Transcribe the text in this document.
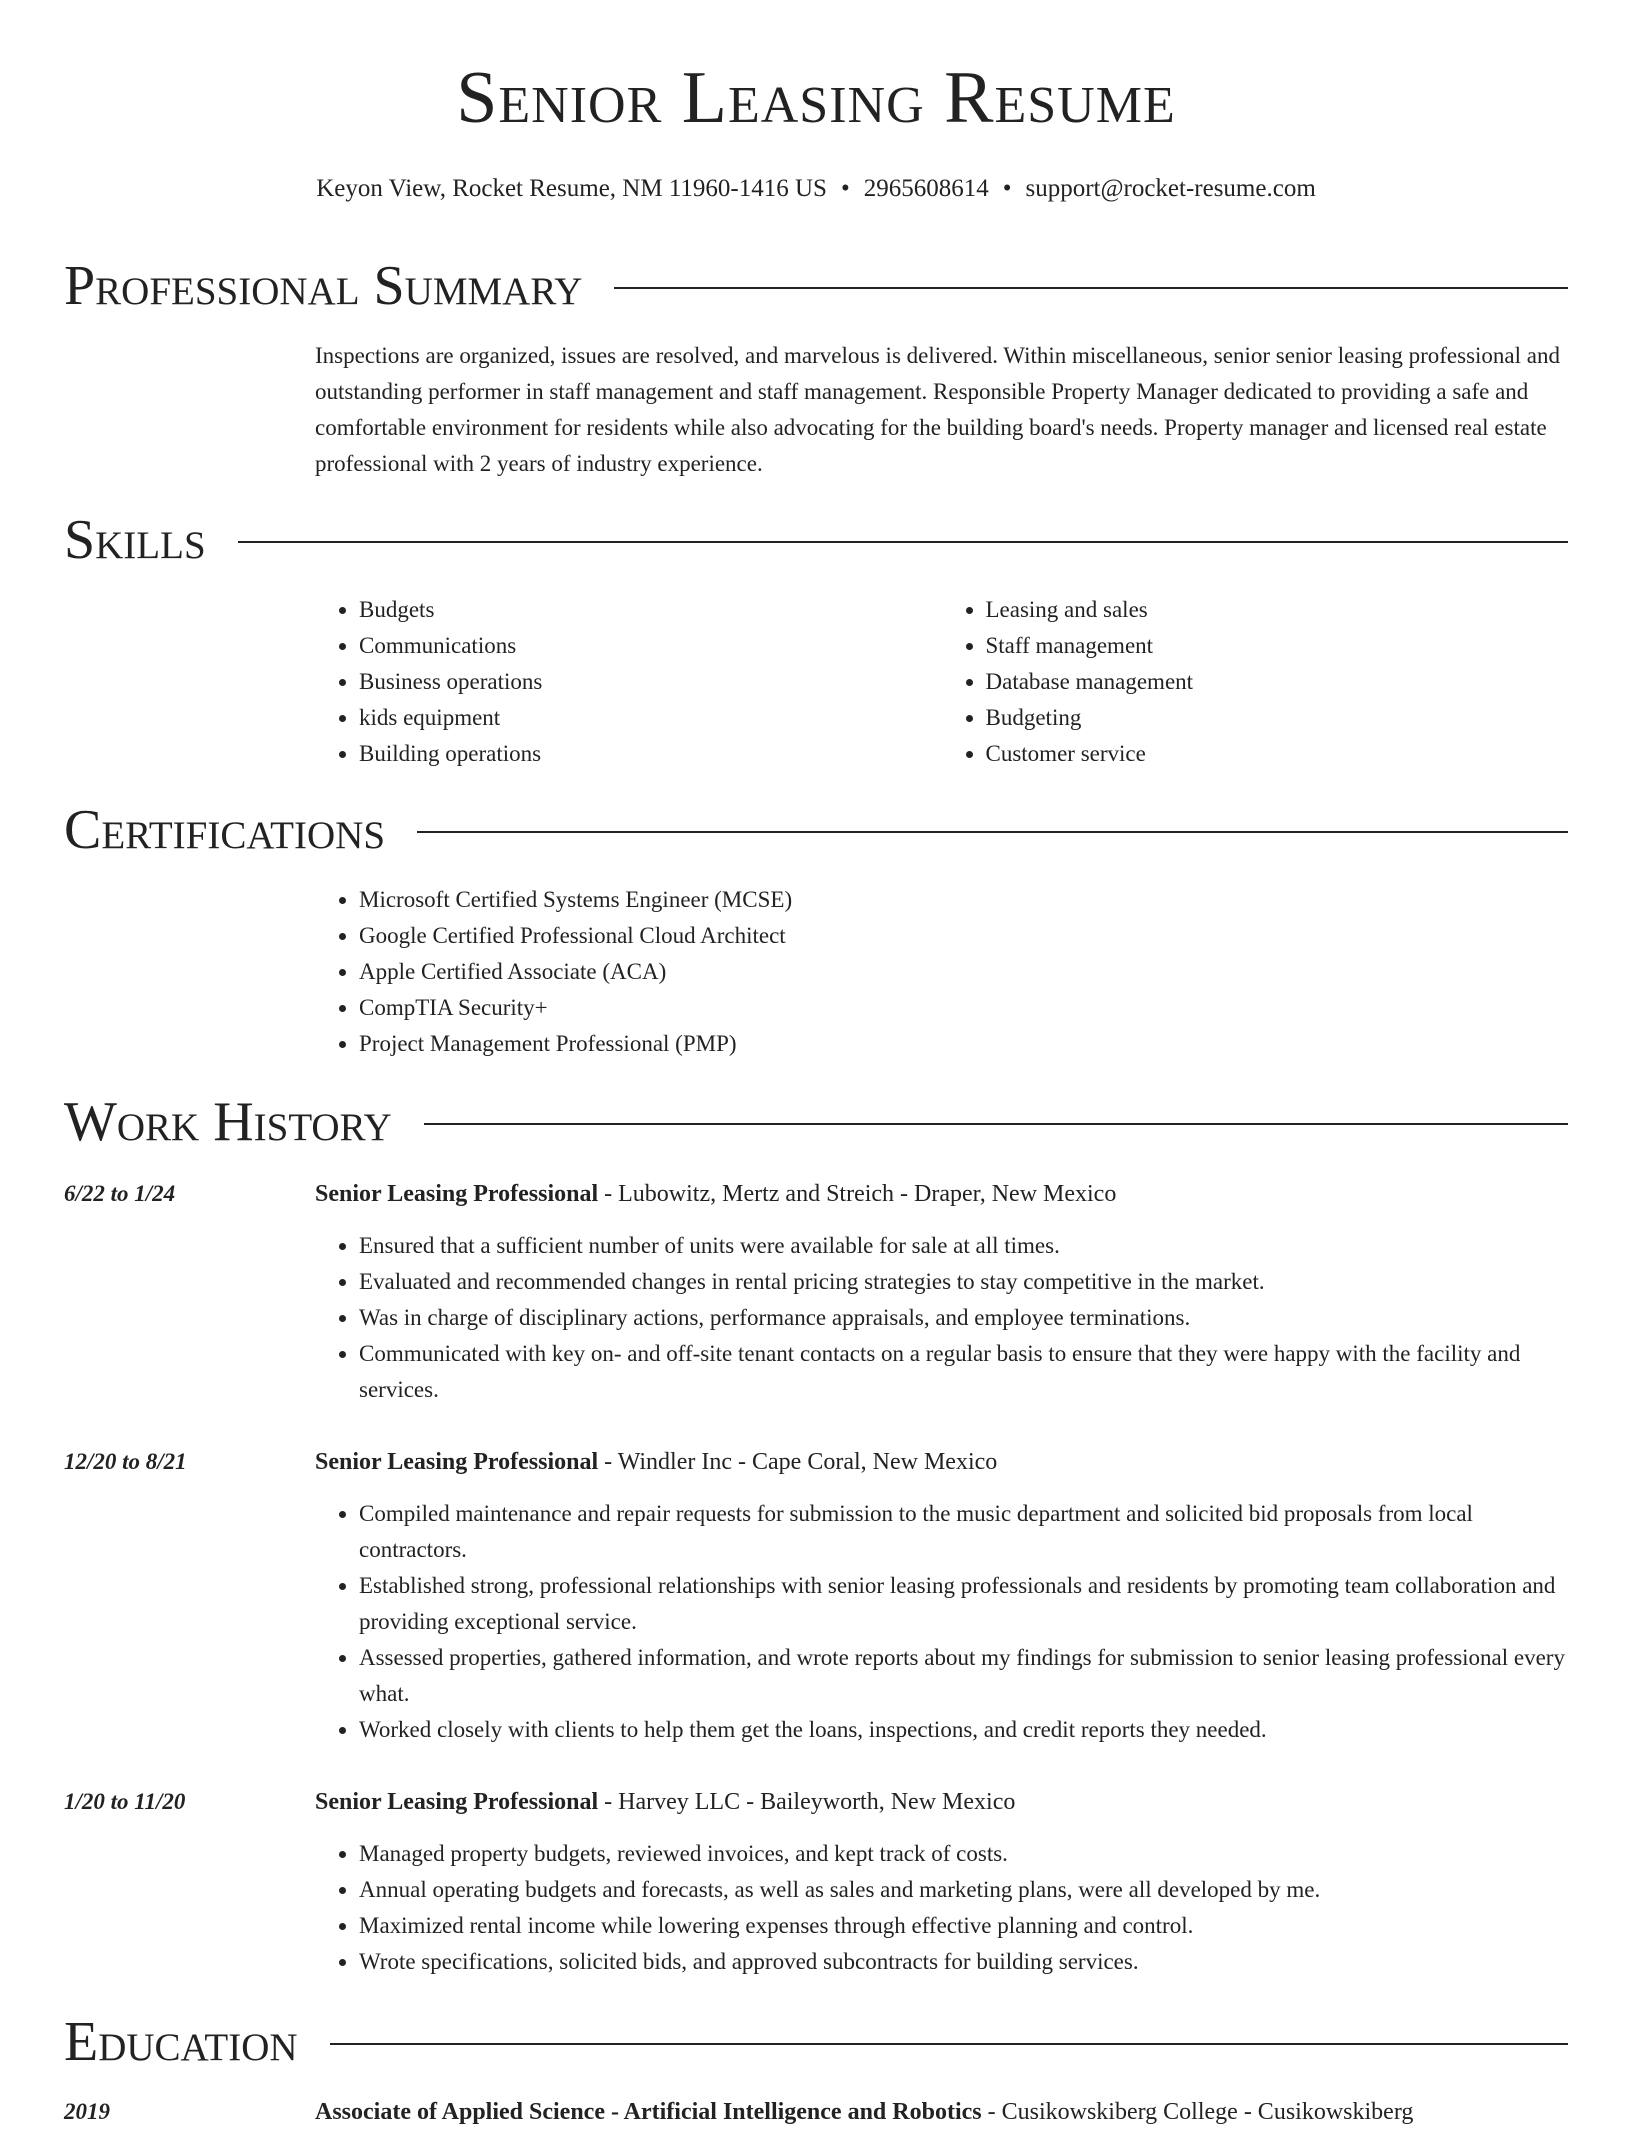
Senior Leasing Resume
Keyon View, Rocket Resume, NM 11960-1416 US • 2965608614 • support@rocket-resume.com
Professional Summary

Inspections are organized, issues are resolved, and marvelous is delivered. Within miscellaneous, senior senior leasing professional and outstanding performer in staff management and staff management. Responsible Property Manager dedicated to providing a safe and comfortable environment for residents while also advocating for the building board's needs. Property manager and licensed real estate professional with 2 years of industry experience.

Skills
• Budgets
• Communications
• Business operations
• kids equipment
• Building operations
• Leasing and sales
• Staff management
• Database management
• Budgeting
• Customer service
Certifications
• Microsoft Certified Systems Engineer (MCSE)
• Google Certified Professional Cloud Architect
• Apple Certified Associate (ACA)
• CompTIA Security+
• Project Management Professional (PMP)
Work History
6/22 to 1/24	Senior Leasing Professional - Lubowitz, Mertz and Streich - Draper, New Mexico
• Ensured that a sufficient number of units were available for sale at all times.
• Evaluated and recommended changes in rental pricing strategies to stay competitive in the market.
• Was in charge of disciplinary actions, performance appraisals, and employee terminations.
• Communicated with key on- and off-site tenant contacts on a regular basis to ensure that they were happy with the facility and services.
12/20 to 8/21	Senior Leasing Professional - Windler Inc - Cape Coral, New Mexico
• Compiled maintenance and repair requests for submission to the music department and solicited bid proposals from local contractors.
• Established strong, professional relationships with senior leasing professionals and residents by promoting team collaboration and providing exceptional service.
• Assessed properties, gathered information, and wrote reports about my findings for submission to senior leasing professional every what.
• Worked closely with clients to help them get the loans, inspections, and credit reports they needed.
1/20 to 11/20	Senior Leasing Professional - Harvey LLC - Baileyworth, New Mexico
• Managed property budgets, reviewed invoices, and kept track of costs.
• Annual operating budgets and forecasts, as well as sales and marketing plans, were all developed by me.
• Maximized rental income while lowering expenses through effective planning and control.
• Wrote specifications, solicited bids, and approved subcontracts for building services.
Education
2019	Associate of Applied Science - Artificial Intelligence and Robotics - Cusikowskiberg College - Cusikowskiberg
